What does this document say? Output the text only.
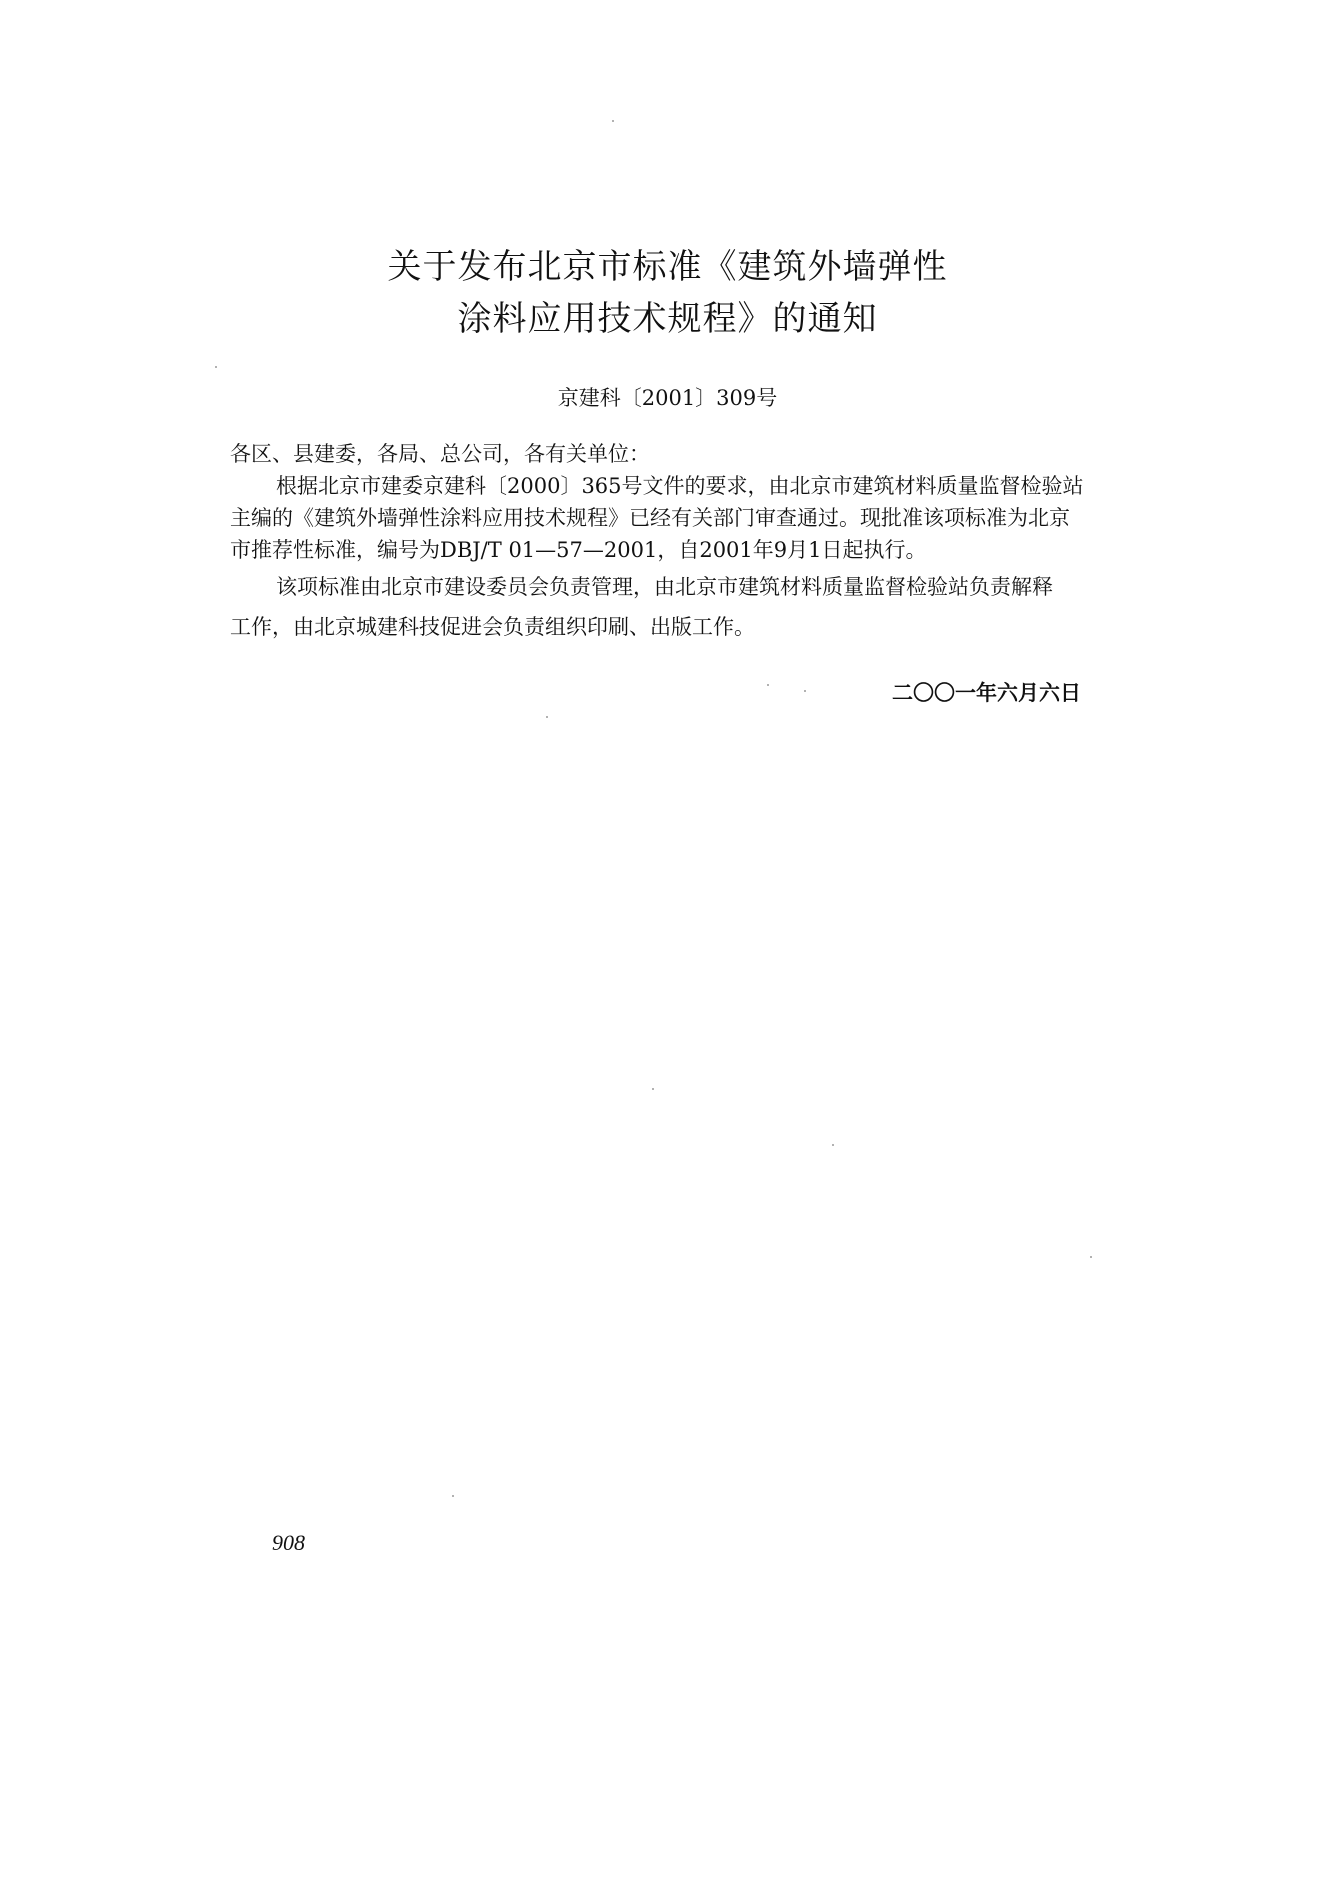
关于发布北京市标准《建筑外墙弹性
涂料应用技术规程》的通知
京建科〔2001〕309号
各区、县建委，各局、总公司，各有关单位：
根据北京市建委京建科〔2000〕365号文件的要求，由北京市建筑材料质量监督检验站
主编的《建筑外墙弹性涂料应用技术规程》已经有关部门审查通过。现批准该项标准为北京
市推荐性标准，编号为DBJ/T 01—57—2001，自2001年9月1日起执行。
该项标准由北京市建设委员会负责管理，由北京市建筑材料质量监督检验站负责解释
工作，由北京城建科技促进会负责组织印刷、出版工作。
二〇〇一年六月六日
908
